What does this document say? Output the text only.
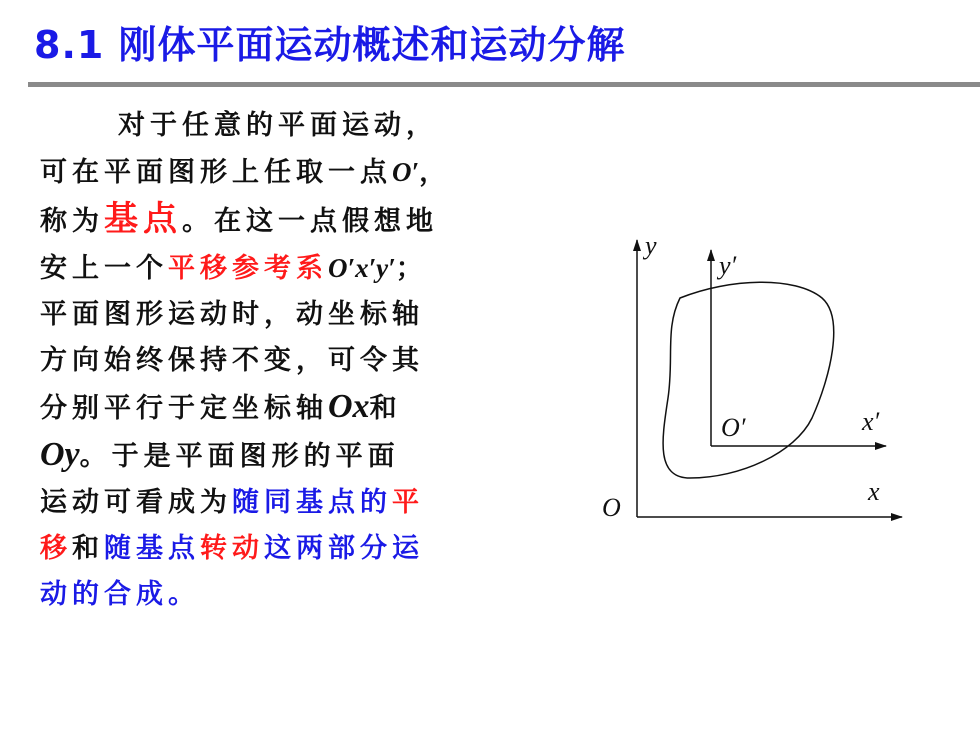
8.1 刚体平面运动概述和运动分解
对于任意的平面运动，
可在平面图形上任取一点O′，
称为基点。在这一点假想地
安上一个平移参考系O′x′y′；
平面图形运动时，动坐标轴
方向始终保持不变，可令其
分别平行于定坐标轴Ox和
Oy。于是平面图形的平面
运动可看成为随同基点的平
移和随基点转动这两部分运
动的合成。
y
y′
O′	x′
x
O
